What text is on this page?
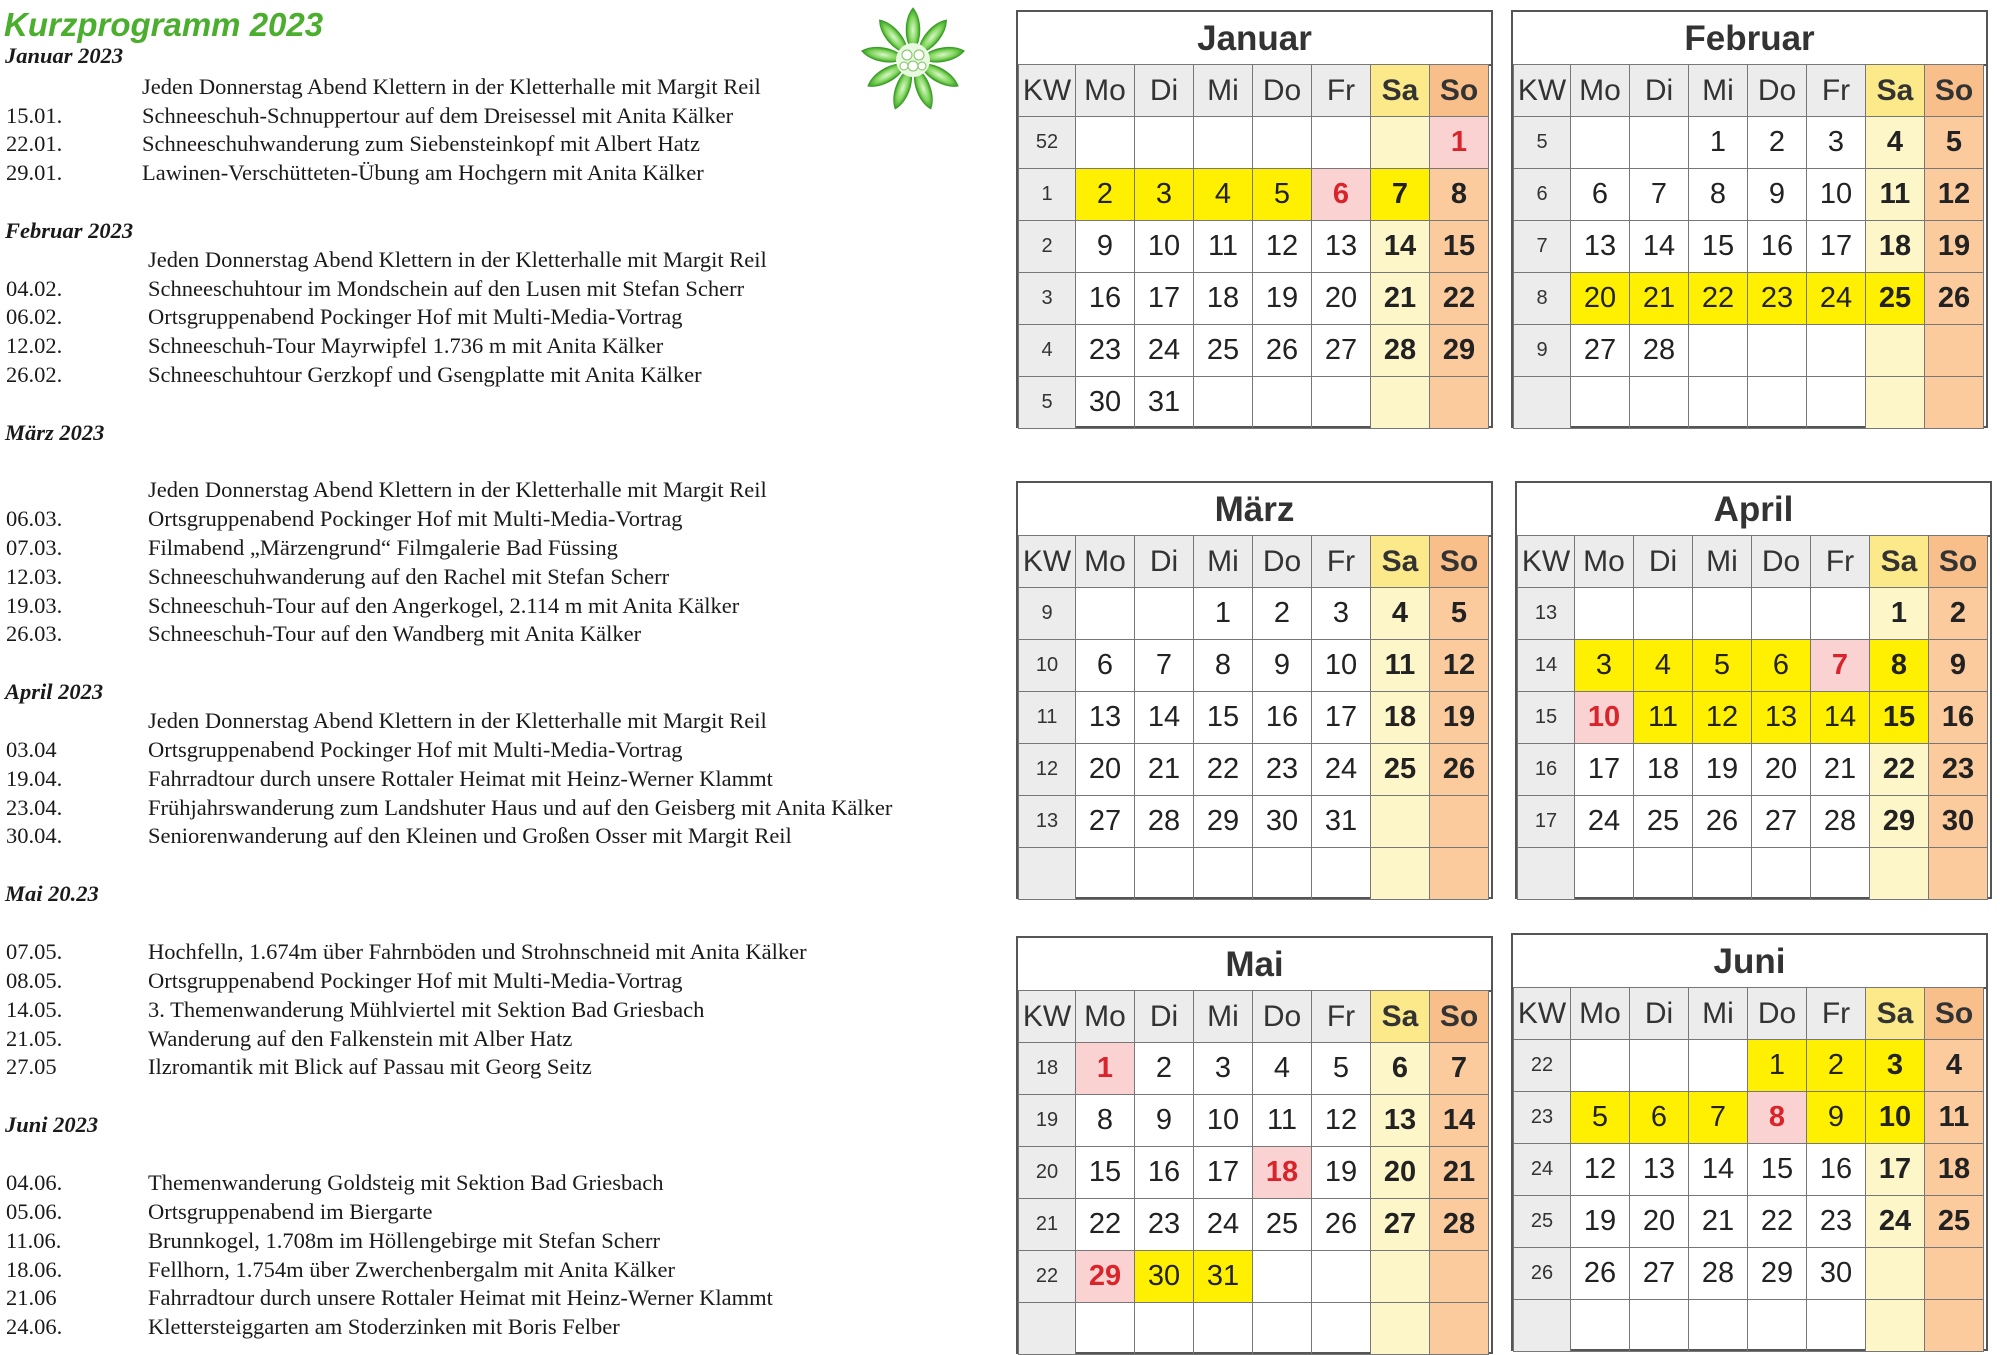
Kurzprogramm 2023
Januar 2023
Jeden Donnerstag Abend Klettern in der Kletterhalle mit Margit Reil
15.01.	Schneeschuh-Schnuppertour auf dem Dreisessel mit Anita Kälker
22.01.	Schneeschuhwanderung zum Siebensteinkopf mit Albert Hatz
29.01.	Lawinen-Verschütteten-Übung am Hochgern mit Anita Kälker
Februar 2023
Jeden Donnerstag Abend Klettern in der Kletterhalle mit Margit Reil
04.02.	Schneeschuhtour im Mondschein auf den Lusen mit Stefan Scherr
06.02.	Ortsgruppenabend Pockinger Hof mit Multi-Media-Vortrag
12.02.	Schneeschuh-Tour Mayrwipfel 1.736 m mit Anita Kälker
26.02.	Schneeschuhtour Gerzkopf und Gsengplatte mit Anita Kälker
März 2023
Jeden Donnerstag Abend Klettern in der Kletterhalle mit Margit Reil
06.03.	Ortsgruppenabend Pockinger Hof mit Multi-Media-Vortrag
07.03.	Filmabend „Märzengrund“ Filmgalerie Bad Füssing
12.03.	Schneeschuhwanderung auf den Rachel mit Stefan Scherr
19.03.	Schneeschuh-Tour auf den Angerkogel, 2.114 m mit Anita Kälker
26.03.	Schneeschuh-Tour auf den Wandberg mit Anita Kälker
April 2023
Jeden Donnerstag Abend Klettern in der Kletterhalle mit Margit Reil
03.04	Ortsgruppenabend Pockinger Hof mit Multi-Media-Vortrag
19.04.	Fahrradtour durch unsere Rottaler Heimat mit Heinz-Werner Klammt
23.04.	Frühjahrswanderung zum Landshuter Haus und auf den Geisberg mit Anita Kälker
30.04.	Seniorenwanderung auf den Kleinen und Großen Osser mit Margit Reil
Mai 20.23
07.05.	Hochfelln, 1.674m über Fahrnböden und Strohnschneid mit Anita Kälker
08.05.	Ortsgruppenabend Pockinger Hof mit Multi-Media-Vortrag
14.05.	3. Themenwanderung Mühlviertel mit Sektion Bad Griesbach
21.05.	Wanderung auf den Falkenstein mit Alber Hatz
27.05	Ilzromantik mit Blick auf Passau mit Georg Seitz
Juni 2023
04.06.	Themenwanderung Goldsteig mit Sektion Bad Griesbach
05.06.	Ortsgruppenabend im Biergarte
11.06.	Brunnkogel, 1.708m im Höllengebirge mit Stefan Scherr
18.06.	Fellhorn, 1.754m über Zwerchenbergalm mit Anita Kälker
21.06	Fahrradtour durch unsere Rottaler Heimat mit Heinz-Werner Klammt
24.06.	Klettersteiggarten am Stoderzinken mit Boris Felber
Januar
KW	Mo	Di	Mi	Do	Fr	Sa	So
52							1
1	2	3	4	5	6	7	8
2	9	10	11	12	13	14	15
3	16	17	18	19	20	21	22
4	23	24	25	26	27	28	29
5	30	31					
Februar
KW	Mo	Di	Mi	Do	Fr	Sa	So
5			1	2	3	4	5
6	6	7	8	9	10	11	12
7	13	14	15	16	17	18	19
8	20	21	22	23	24	25	26
9	27	28					

März
KW	Mo	Di	Mi	Do	Fr	Sa	So
9			1	2	3	4	5
10	6	7	8	9	10	11	12
11	13	14	15	16	17	18	19
12	20	21	22	23	24	25	26
13	27	28	29	30	31		

April
KW	Mo	Di	Mi	Do	Fr	Sa	So
13						1	2
14	3	4	5	6	7	8	9
15	10	11	12	13	14	15	16
16	17	18	19	20	21	22	23
17	24	25	26	27	28	29	30

Mai
KW	Mo	Di	Mi	Do	Fr	Sa	So
18	1	2	3	4	5	6	7
19	8	9	10	11	12	13	14
20	15	16	17	18	19	20	21
21	22	23	24	25	26	27	28
22	29	30	31				

Juni
KW	Mo	Di	Mi	Do	Fr	Sa	So
22				1	2	3	4
23	5	6	7	8	9	10	11
24	12	13	14	15	16	17	18
25	19	20	21	22	23	24	25
26	26	27	28	29	30		
